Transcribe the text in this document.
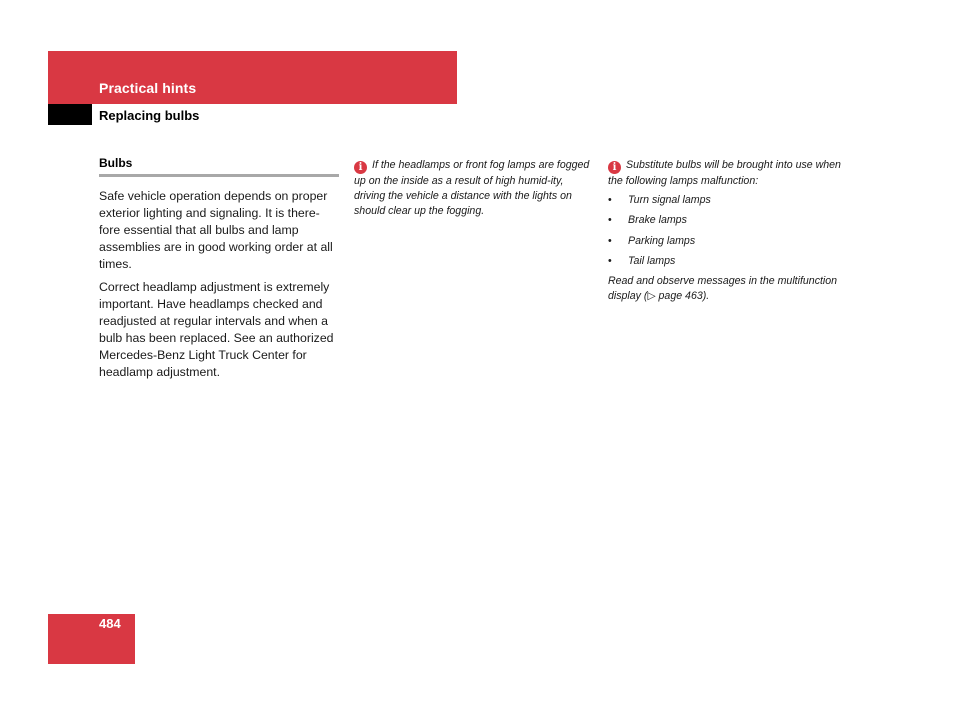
Practical hints
Replacing bulbs
Bulbs

Safe vehicle operation depends on proper exterior lighting and signaling. It is there-fore essential that all bulbs and lamp assemblies are in good working order at all times.

Correct headlamp adjustment is extremely important. Have headlamps checked and readjusted at regular intervals and when a bulb has been replaced. See an authorized Mercedes-Benz Light Truck Center for headlamp adjustment.

i If the headlamps or front fog lamps are fogged up on the inside as a result of high humid-ity, driving the vehicle a distance with the lights on should clear up the fogging.

i Substitute bulbs will be brought into use when the following lamps malfunction:

• Turn signal lamps
• Brake lamps
• Parking lamps
• Tail lamps

Read and observe messages in the multifunction display (▷ page 463).

484
